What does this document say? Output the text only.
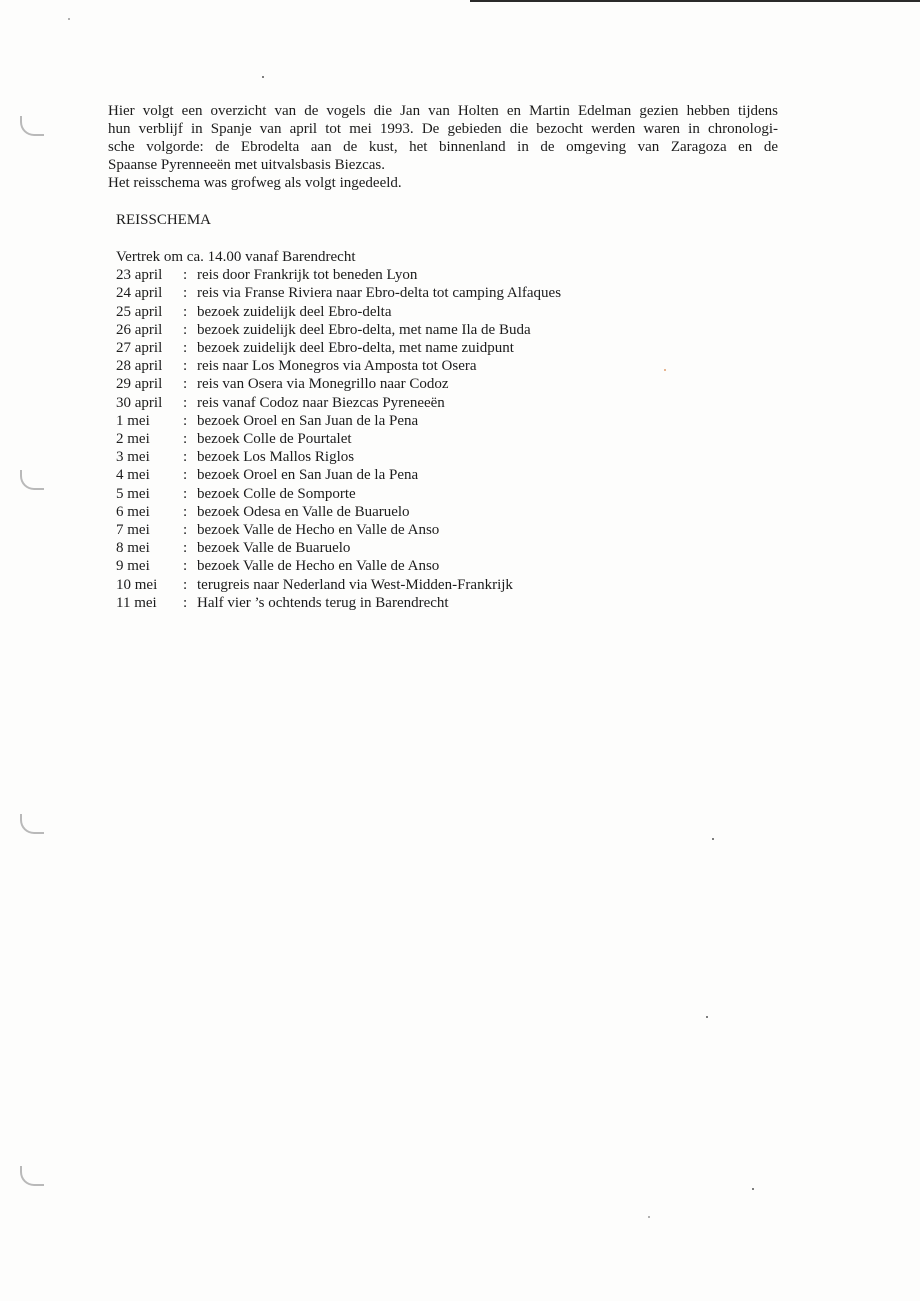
Hier volgt een overzicht van de vogels die Jan van Holten en Martin Edelman gezien hebben tijdens
hun verblijf in Spanje van april tot mei 1993. De gebieden die bezocht werden waren in chronologi-
sche volgorde: de Ebrodelta aan de kust, het binnenland in de omgeving van Zaragoza en de
Spaanse Pyrenneeën met uitvalsbasis Biezcas.
Het reisschema was grofweg als volgt ingedeeld.

REISSCHEMA
Vertrek om ca. 14.00 vanaf Barendrecht
23 april	: reis door Frankrijk tot beneden Lyon
24 april	: reis via Franse Riviera naar Ebro-delta tot camping Alfaques
25 april	: bezoek zuidelijk deel Ebro-delta
26 april	: bezoek zuidelijk deel Ebro-delta, met name Ila de Buda
27 april	: bezoek zuidelijk deel Ebro-delta, met name zuidpunt
28 april	: reis naar Los Monegros via Amposta tot Osera
29 april	: reis van Osera via Monegrillo naar Codoz
30 april	: reis vanaf Codoz naar Biezcas Pyreneeën
1 mei	: bezoek Oroel en San Juan de la Pena
2 mei	: bezoek Colle de Pourtalet
3 mei	: bezoek Los Mallos Riglos
4 mei	: bezoek Oroel en San Juan de la Pena
5 mei	: bezoek Colle de Somporte
6 mei	: bezoek Odesa en Valle de Buaruelo
7 mei	: bezoek Valle de Hecho en Valle de Anso
8 mei	: bezoek Valle de Buaruelo
9 mei	: bezoek Valle de Hecho en Valle de Anso
10 mei	: terugreis naar Nederland via West-Midden-Frankrijk
11 mei	: Half vier ’s ochtends terug in Barendrecht
